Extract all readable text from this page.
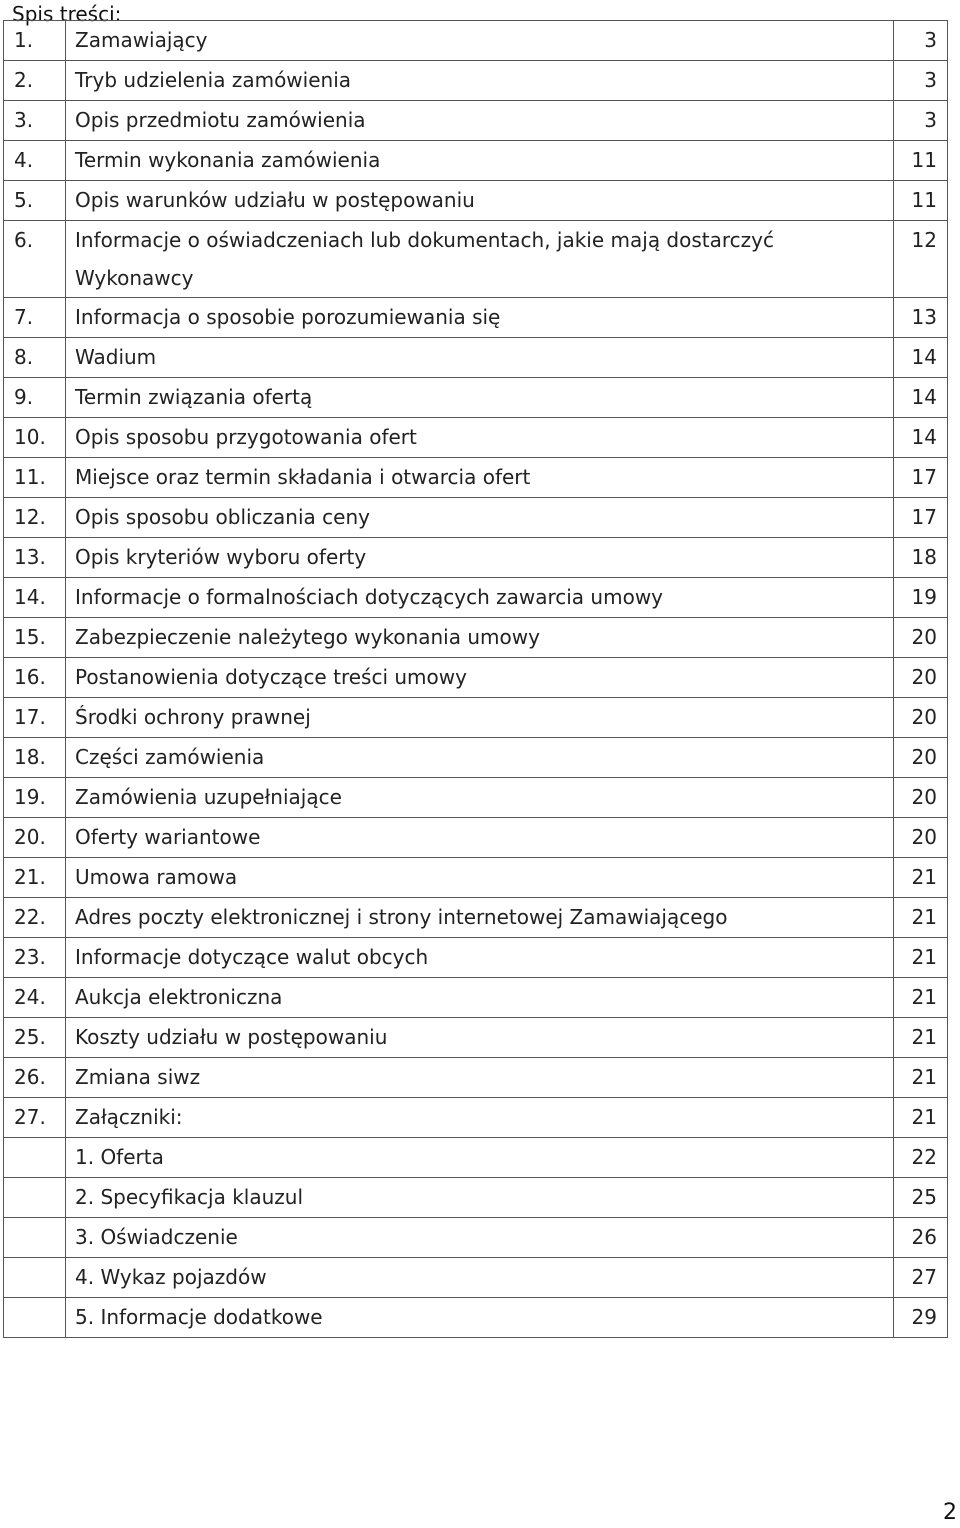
Spis treści:
1.	Zamawiający	3
2.	Tryb udzielenia zamówienia	3
3.	Opis przedmiotu zamówienia	3
4.	Termin wykonania zamówienia	11
5.	Opis warunków udziału w postępowaniu	11
6.	Informacje o oświadczeniach lub dokumentach, jakie mają dostarczyć Wykonawcy	12
7.	Informacja o sposobie porozumiewania się	13
8.	Wadium	14
9.	Termin związania ofertą	14
10.	Opis sposobu przygotowania ofert	14
11.	Miejsce oraz termin składania i otwarcia ofert	17
12.	Opis sposobu obliczania ceny	17
13.	Opis kryteriów wyboru oferty	18
14.	Informacje o formalnościach dotyczących zawarcia umowy	19
15.	Zabezpieczenie należytego wykonania umowy	20
16.	Postanowienia dotyczące treści umowy	20
17.	Środki ochrony prawnej	20
18.	Części zamówienia	20
19.	Zamówienia uzupełniające	20
20.	Oferty wariantowe	20
21.	Umowa ramowa	21
22.	Adres poczty elektronicznej i strony internetowej Zamawiającego	21
23.	Informacje dotyczące walut obcych	21
24.	Aukcja elektroniczna	21
25.	Koszty udziału w postępowaniu	21
26.	Zmiana siwz	21
27.	Załączniki:	21
	1. Oferta	22
	2. Specyfikacja klauzul	25
	3. Oświadczenie	26
	4. Wykaz pojazdów	27
	5. Informacje dodatkowe	29
2
